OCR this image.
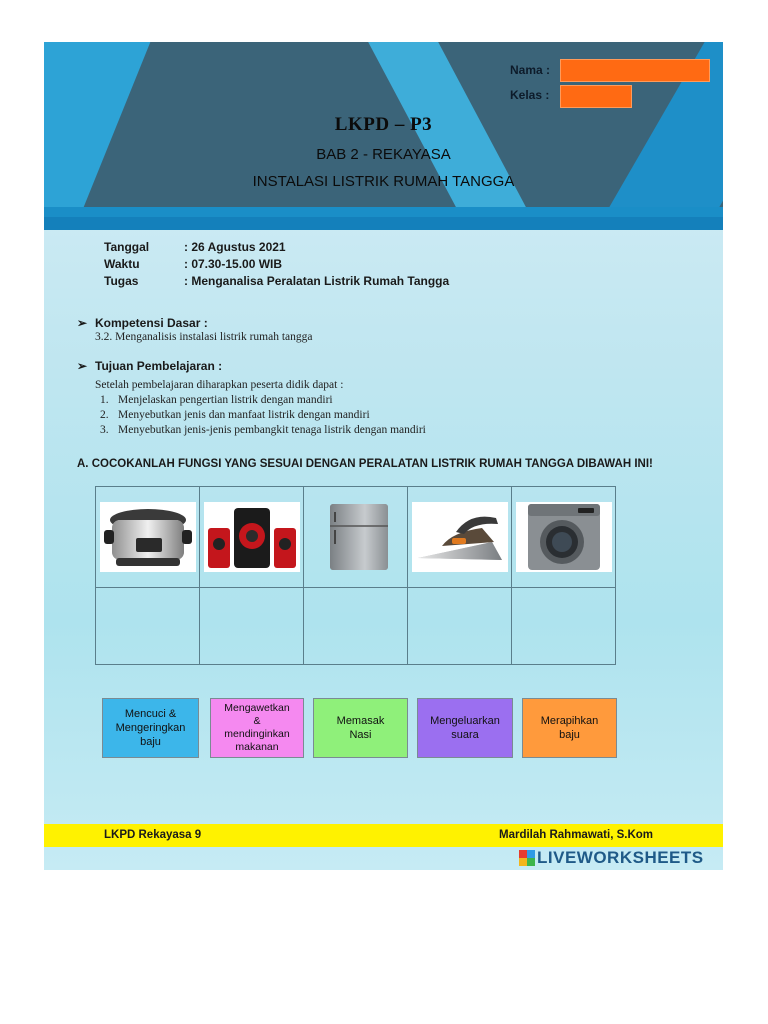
Nama :
Kelas :
LKPD – P3
BAB 2 - REKAYASA
INSTALASI LISTRIK RUMAH TANGGA
Tanggal	: 26 Agustus 2021
Waktu	: 07.30-15.00 WIB
Tugas	: Menganalisa Peralatan Listrik Rumah Tangga
➢ Kompetensi Dasar :
3.2. Menganalisis instalasi listrik rumah tangga
➢ Tujuan Pembelajaran :
Setelah pembelajaran diharapkan peserta didik dapat :
1. Menjelaskan pengertian listrik dengan mandiri
2. Menyebutkan jenis dan manfaat listrik dengan mandiri
3. Menyebutkan jenis-jenis pembangkit tenaga listrik dengan mandiri
A. COCOKANLAH FUNGSI YANG SESUAI DENGAN PERALATAN LISTRIK RUMAH TANGGA DIBAWAH INI!

Mencuci &
Mengeringkan
baju
Mengawetkan
&
mendinginkan
makanan
Memasak
Nasi
Mengeluarkan
suara
Merapihkan
baju
LKPD Rekayasa 9	Mardilah Rahmawati, S.Kom
LIVEWORKSHEETS
